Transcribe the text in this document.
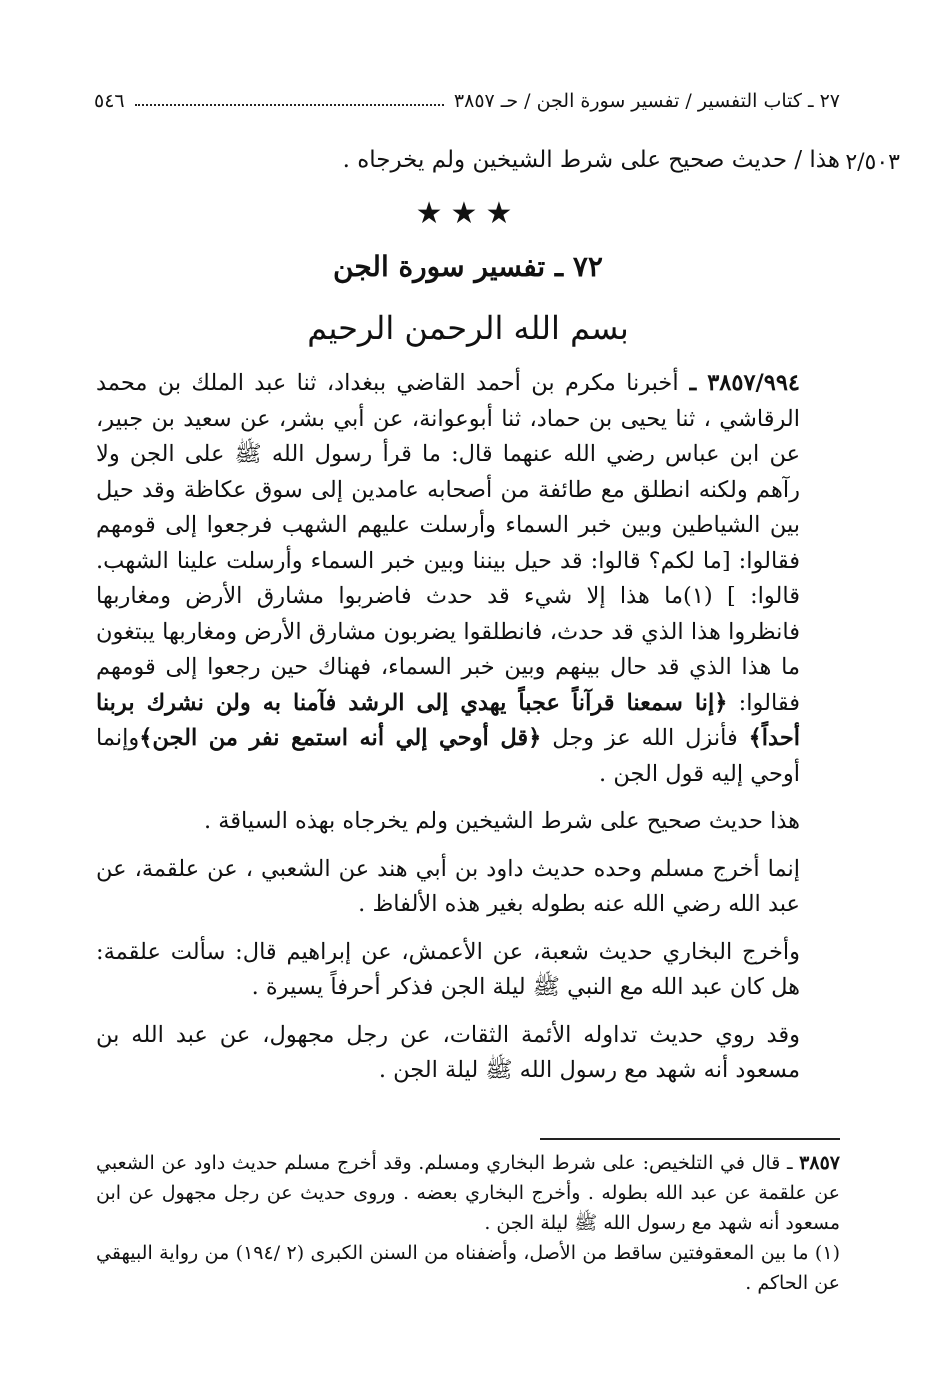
٢٧ ـ كتاب التفسير / تفسير سورة الجن / حـ ٣٨٥٧
٥٤٦
٢/٥٠٣
هذا / حديث صحيح على شرط الشيخين ولم يخرجاه .
★★★
٧٢ ـ تفسير سورة الجن
بسم الله الرحمن الرحيم

٣٨٥٧/٩٩٤ ـ أخبرنا مكرم بن أحمد القاضي ببغداد، ثنا عبد الملك بن محمد الرقاشي ، ثنا يحيى بن حماد، ثنا أبوعوانة، عن أبي بشر، عن سعيد بن جبير، عن ابن عباس رضي الله عنهما قال: ما قرأ رسول الله ﷺ على الجن ولا رآهم ولكنه انطلق مع طائفة من أصحابه عامدين إلى سوق عكاظة وقد حيل بين الشياطين وبين خبر السماء وأرسلت عليهم الشهب فرجعوا إلى قومهم فقالوا: [ما لكم؟ قالوا: قد حيل بيننا وبين خبر السماء وأرسلت علينا الشهب. قالوا: ] (١)ما هذا إلا شيء قد حدث فاضربوا مشارق الأرض ومغاربها فانظروا هذا الذي قد حدث، فانطلقوا يضربون مشارق الأرض ومغاربها يبتغون ما هذا الذي قد حال بينهم وبين خبر السماء، فهناك حين رجعوا إلى قومهم فقالوا: ﴿إنا سمعنا قرآناً عجباً يهدي إلى الرشد فآمنا به ولن نشرك بربنا أحداً﴾ فأنزل الله عز وجل ﴿قل أوحي إلي أنه استمع نفر من الجن﴾وإنما أوحي إليه قول الجن .

هذا حديث صحيح على شرط الشيخين ولم يخرجاه بهذه السياقة .

إنما أخرج مسلم وحده حديث داود بن أبي هند عن الشعبي ، عن علقمة، عن عبد الله رضي الله عنه بطوله بغير هذه الألفاظ .

وأخرج البخاري حديث شعبة، عن الأعمش، عن إبراهيم قال: سألت علقمة: هل كان عبد الله مع النبي ﷺ ليلة الجن فذكر أحرفاً يسيرة .

وقد روي حديث تداوله الأئمة الثقات، عن رجل مجهول، عن عبد الله بن مسعود أنه شهد مع رسول الله ﷺ ليلة الجن .

٣٨٥٧ ـ قال في التلخيص: على شرط البخاري ومسلم. وقد أخرج مسلم حديث داود عن الشعبي عن علقمة عن عبد الله بطوله . وأخرج البخاري بعضه . وروى حديث عن رجل مجهول عن ابن مسعود أنه شهد مع رسول الله ﷺ ليلة الجن .

(١) ما بين المعقوفتين ساقط من الأصل، وأضفناه من السنن الكبرى (٢ /١٩٤) من رواية البيهقي عن الحاكم .
